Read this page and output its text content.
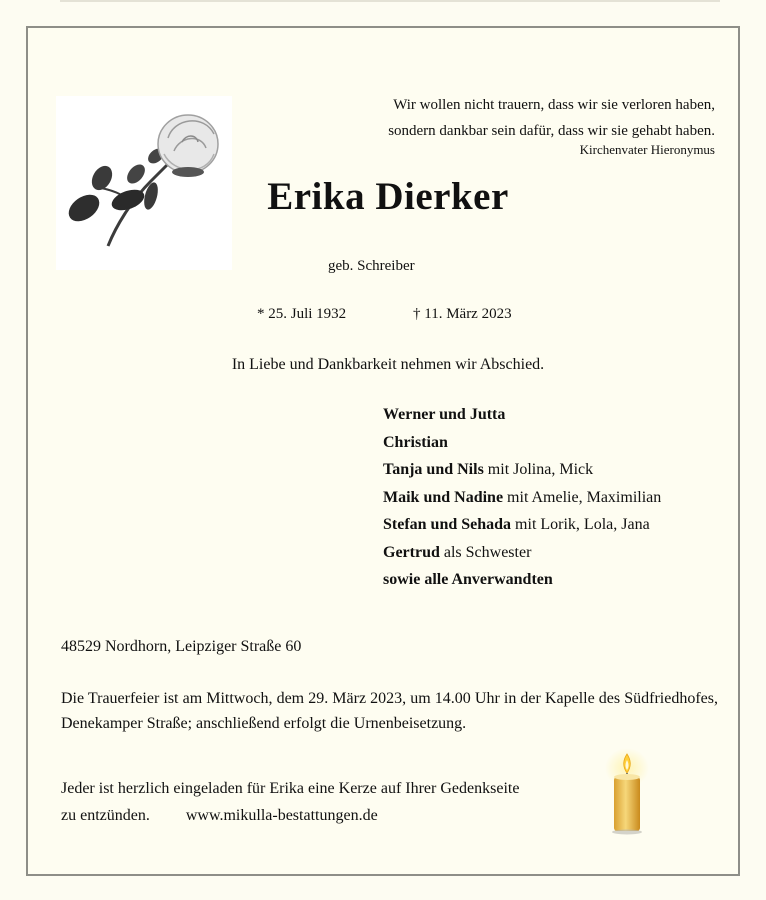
Wir wollen nicht trauern, dass wir sie verloren haben,
sondern dankbar sein dafür, dass wir sie gehabt haben.
Kirchenvater Hieronymus
Erika Dierker
geb. Schreiber
* 25. Juli 1932	† 11. März 2023
In Liebe und Dankbarkeit nehmen wir Abschied.
Werner und Jutta
Christian
Tanja und Nils mit Jolina, Mick
Maik und Nadine mit Amelie, Maximilian
Stefan und Sehada mit Lorik, Lola, Jana
Gertrud als Schwester
sowie alle Anverwandten
48529 Nordhorn, Leipziger Straße 60
Die Trauerfeier ist am Mittwoch, dem 29. März 2023, um 14.00 Uhr in der Kapelle des Südfriedhofes, Denekamper Straße; anschließend erfolgt die Urnenbeisetzung.
Jeder ist herzlich eingeladen für Erika eine Kerze auf Ihrer Gedenkseite
zu entzünden. www.mikulla-bestattungen.de
